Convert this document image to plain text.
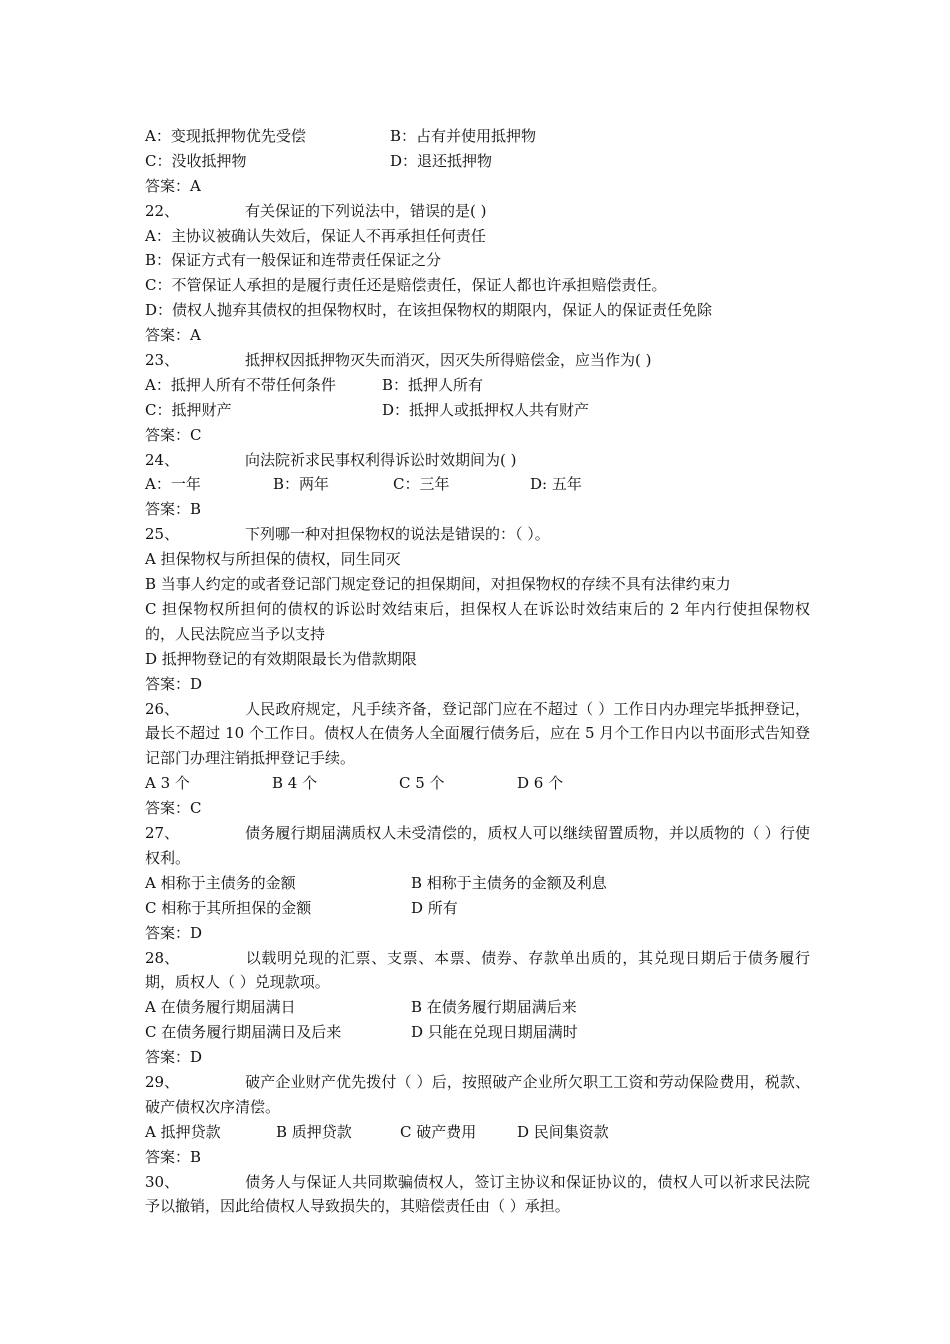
A：变现抵押物优先受偿	B：占有并使用抵押物
C：没收抵押物	D：退还抵押物
答案：A
22、	有关保证的下列说法中，错误的是( )
A：主协议被确认失效后，保证人不再承担任何责任
B：保证方式有一般保证和连带责任保证之分
C：不管保证人承担的是履行责任还是赔偿责任，保证人都也许承担赔偿责任。
D：债权人抛弃其债权的担保物权时，在该担保物权的期限内，保证人的保证责任免除
答案：A
23、	抵押权因抵押物灭失而消灭，因灭失所得赔偿金，应当作为( )
A：抵押人所有不带任何条件	B：抵押人所有
C：抵押财产	D：抵押人或抵押权人共有财产
答案：C
24、	向法院祈求民事权利得诉讼时效期间为( )
A：一年	B：两年	C：三年	D: 五年
答案：B
25、	下列哪一种对担保物权的说法是错误的：（ ）。
A 担保物权与所担保的债权，同生同灭
B 当事人约定的或者登记部门规定登记的担保期间，对担保物权的存续不具有法律约束力
C 担保物权所担何的债权的诉讼时效结束后，担保权人在诉讼时效结束后的 2 年内行使担保物权的，人民法院应当予以支持
D 抵押物登记的有效期限最长为借款期限
答案：D
26、	人民政府规定，凡手续齐备，登记部门应在不超过（ ）工作日内办理完毕抵押登记，最长不超过 10 个工作日。债权人在债务人全面履行债务后，应在 5 月个工作日内以书面形式告知登记部门办理注销抵押登记手续。
A 3 个	B 4 个	C 5 个	D 6 个
答案：C
27、	债务履行期届满质权人未受清偿的，质权人可以继续留置质物，并以质物的（ ）行使权利。
A 相称于主债务的金额	B 相称于主债务的金额及利息
C 相称于其所担保的金额	D 所有
答案：D
28、	以载明兑现的汇票、支票、本票、债券、存款单出质的，其兑现日期后于债务履行期，质权人（ ）兑现款项。
A 在债务履行期届满日	B 在债务履行期届满后来
C 在债务履行期届满日及后来	D 只能在兑现日期届满时
答案：D
29、	破产企业财产优先拨付（ ）后，按照破产企业所欠职工工资和劳动保险费用，税款、破产债权次序清偿。
A 抵押贷款	B 质押贷款	C 破产费用	D 民间集资款
答案：B
30、	债务人与保证人共同欺骗债权人，签订主协议和保证协议的，债权人可以祈求民法院予以撤销，因此给债权人导致损失的，其赔偿责任由（ ）承担。
